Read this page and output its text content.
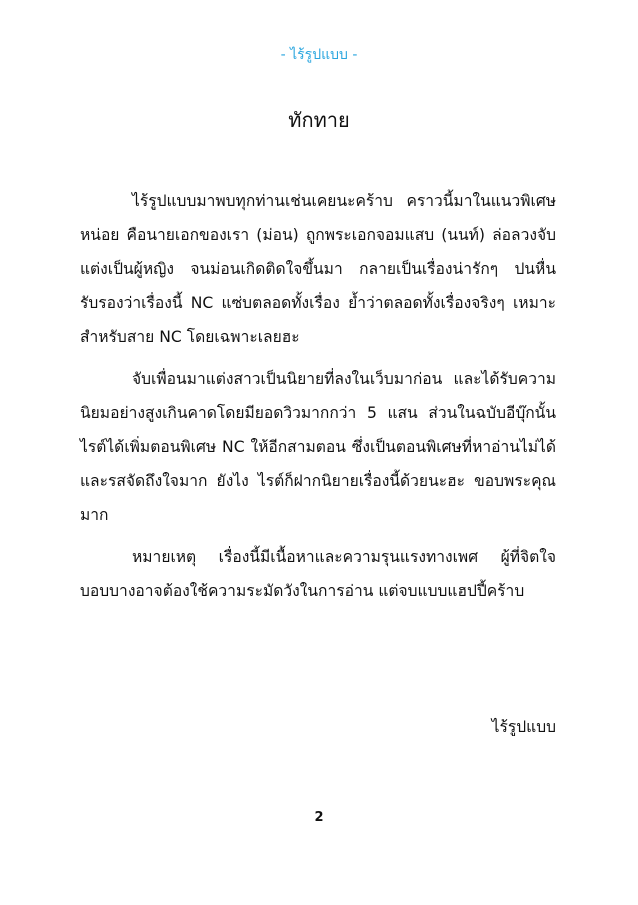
- ไร้รูปแบบ -
ทักทาย

ไร้รูปแบบมาพบทุกท่านเช่นเคยนะคร้าบ คราวนี้มาในแนวพิเศษหน่อย คือนายเอกของเรา (ม่อน) ถูกพระเอกจอมแสบ (นนท์) ล่อลวงจับแต่งเป็นผู้หญิง จนม่อนเกิดติดใจขึ้นมา กลายเป็นเรื่องน่ารักๆ ปนหื่นรับรองว่าเรื่องนี้ NC แซ่บตลอดทั้งเรื่อง ย้ำว่าตลอดทั้งเรื่องจริงๆ เหมาะสำหรับสาย NC โดยเฉพาะเลยฮะ

จับเพื่อนมาแต่งสาวเป็นนิยายที่ลงในเว็บมาก่อน และได้รับความนิยมอย่างสูงเกินคาดโดยมียอดวิวมากกว่า 5 แสน ส่วนในฉบับอีบุ๊กนั้นไรต์ได้เพิ่มตอนพิเศษ NC ให้อีกสามตอน ซึ่งเป็นตอนพิเศษที่หาอ่านไม่ได้และรสจัดถึงใจมาก ยังไง ไรต์ก็ฝากนิยายเรื่องนี้ด้วยนะฮะ ขอบพระคุณมาก

หมายเหตุ เรื่องนี้มีเนื้อหาและความรุนแรงทางเพศ ผู้ที่จิตใจบอบบางอาจต้องใช้ความระมัดวังในการอ่าน แต่จบแบบแฮปปี้คร้าบ

ไร้รูปแบบ
2
